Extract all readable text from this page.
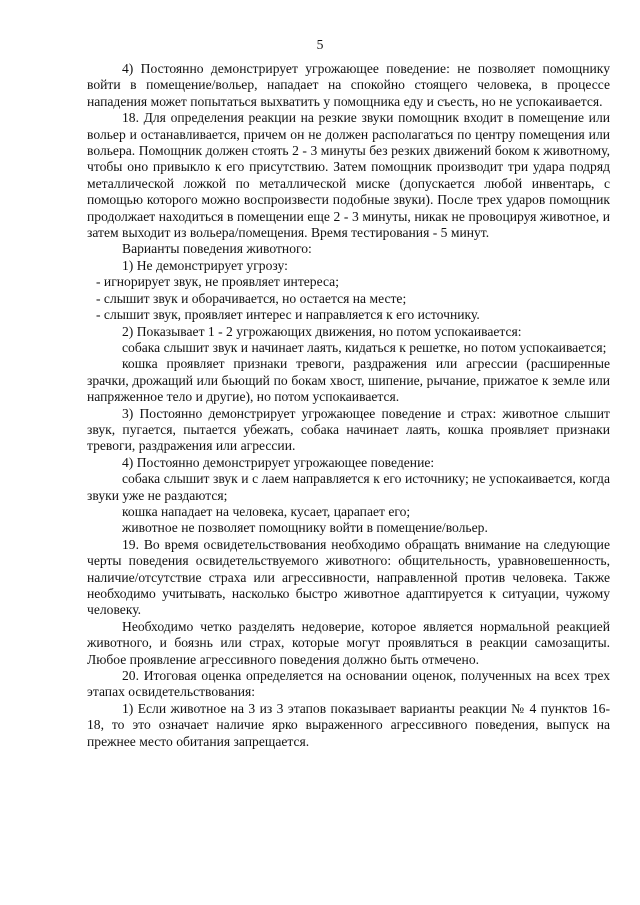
5

4) Постоянно демонстрирует угрожающее поведение: не позволяет помощнику войти в помещение/вольер, нападает на спокойно стоящего человека, в процессе нападения может попытаться выхватить у помощника еду и съесть, но не успокаивается.

18. Для определения реакции на резкие звуки помощник входит в помещение или вольер и останавливается, причем он не должен располагаться по центру помещения или вольера. Помощник должен стоять 2 - 3 минуты без резких движений боком к животному, чтобы оно привыкло к его присутствию. Затем помощник производит три удара подряд металлической ложкой по металлической миске (допускается любой инвентарь, с помощью которого можно воспроизвести подобные звуки). После трех ударов помощник продолжает находиться в помещении еще 2 - 3 минуты, никак не провоцируя животное, и затем выходит из вольера/помещения. Время тестирования - 5 минут.

Варианты поведения животного:

1) Не демонстрирует угрозу:

- игнорирует звук, не проявляет интереса;

- слышит звук и оборачивается, но остается на месте;

- слышит звук, проявляет интерес и направляется к его источнику.

2) Показывает 1 - 2 угрожающих движения, но потом успокаивается:

собака слышит звук и начинает лаять, кидаться к решетке, но потом успокаивается;

кошка проявляет признаки тревоги, раздражения или агрессии (расширенные зрачки, дрожащий или бьющий по бокам хвост, шипение, рычание, прижатое к земле или напряженное тело и другие), но потом успокаивается.

3) Постоянно демонстрирует угрожающее поведение и страх: животное слышит звук, пугается, пытается убежать, собака начинает лаять, кошка проявляет признаки тревоги, раздражения или агрессии.

4) Постоянно демонстрирует угрожающее поведение:

собака слышит звук и с лаем направляется к его источнику; не успокаивается, когда звуки уже не раздаются;

кошка нападает на человека, кусает, царапает его;

животное не позволяет помощнику войти в помещение/вольер.

19. Во время освидетельствования необходимо обращать внимание на следующие черты поведения освидетельствуемого животного: общительность, уравновешенность, наличие/отсутствие страха или агрессивности, направленной против человека. Также необходимо учитывать, насколько быстро животное адаптируется к ситуации, чужому человеку.

Необходимо четко разделять недоверие, которое является нормальной реакцией животного, и боязнь или страх, которые могут проявляться в реакции самозащиты. Любое проявление агрессивного поведения должно быть отмечено.

20. Итоговая оценка определяется на основании оценок, полученных на всех трех этапах освидетельствования:

1) Если животное на 3 из 3 этапов показывает варианты реакции № 4 пунктов 16-18, то это означает наличие ярко выраженного агрессивного поведения, выпуск на прежнее место обитания запрещается.
